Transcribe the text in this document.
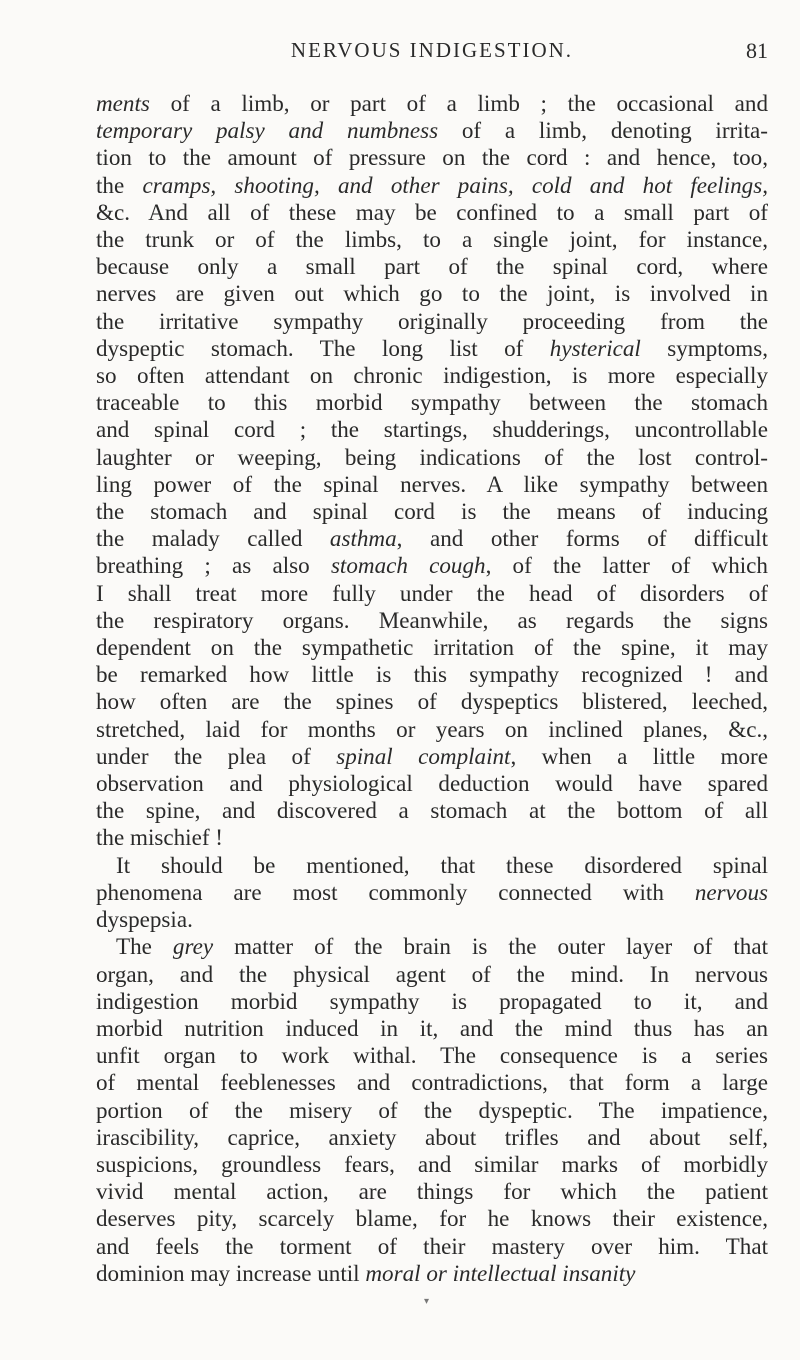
NERVOUS INDIGESTION.	81
ments of a limb, or part of a limb ; the occasional and
temporary palsy and numbness of a limb, denoting irrita-
tion to the amount of pressure on the cord : and hence, too,
the cramps, shooting, and other pains, cold and hot feelings,
&c. And all of these may be confined to a small part of
the trunk or of the limbs, to a single joint, for instance,
because only a small part of the spinal cord, where
nerves are given out which go to the joint, is involved in
the irritative sympathy originally proceeding from the
dyspeptic stomach. The long list of hysterical symptoms,
so often attendant on chronic indigestion, is more especially
traceable to this morbid sympathy between the stomach
and spinal cord ; the startings, shudderings, uncontrollable
laughter or weeping, being indications of the lost control-
ling power of the spinal nerves. A like sympathy between
the stomach and spinal cord is the means of inducing
the malady called asthma, and other forms of difficult
breathing ; as also stomach cough, of the latter of which
I shall treat more fully under the head of disorders of
the respiratory organs. Meanwhile, as regards the signs
dependent on the sympathetic irritation of the spine, it may
be remarked how little is this sympathy recognized ! and
how often are the spines of dyspeptics blistered, leeched,
stretched, laid for months or years on inclined planes, &c.,
under the plea of spinal complaint, when a little more
observation and physiological deduction would have spared
the spine, and discovered a stomach at the bottom of all
the mischief !
It should be mentioned, that these disordered spinal
phenomena are most commonly connected with nervous
dyspepsia.
The grey matter of the brain is the outer layer of that
organ, and the physical agent of the mind. In nervous
indigestion morbid sympathy is propagated to it, and
morbid nutrition induced in it, and the mind thus has an
unfit organ to work withal. The consequence is a series
of mental feeblenesses and contradictions, that form a large
portion of the misery of the dyspeptic. The impatience,
irascibility, caprice, anxiety about trifles and about self,
suspicions, groundless fears, and similar marks of morbidly
vivid mental action, are things for which the patient
deserves pity, scarcely blame, for he knows their existence,
and feels the torment of their mastery over him. That
dominion may increase until moral or intellectual insanity
▾
